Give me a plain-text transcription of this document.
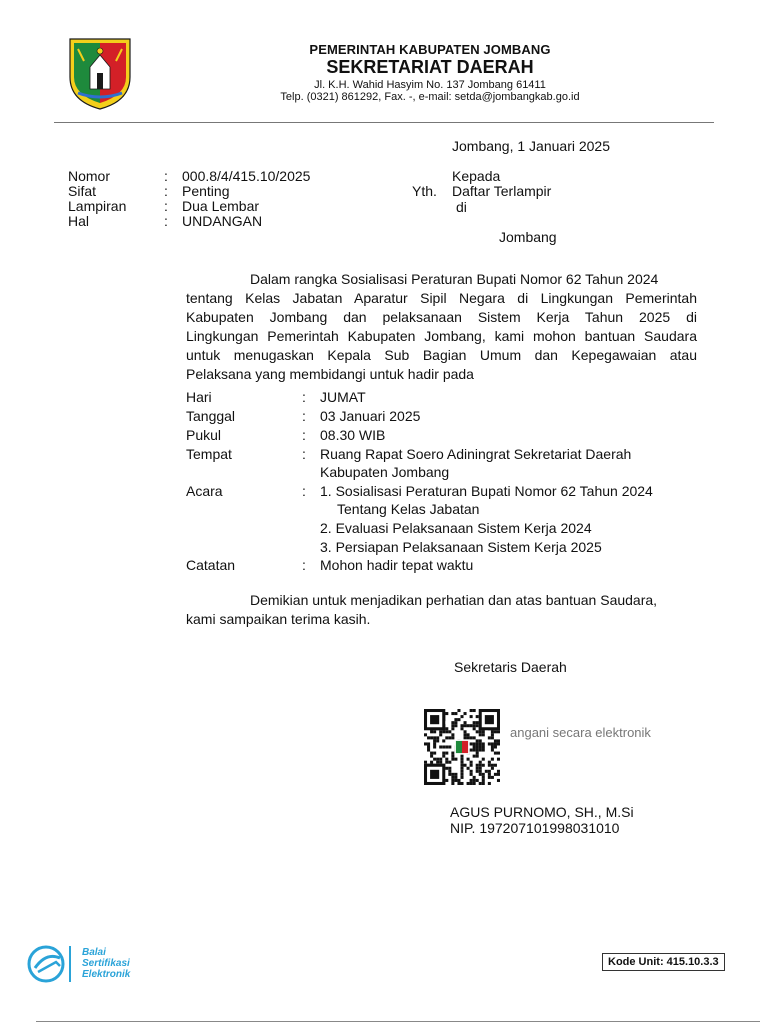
PEMERINTAH KABUPATEN JOMBANG
SEKRETARIAT DAERAH
Jl. K.H. Wahid Hasyim No. 137 Jombang 61411
Telp. (0321) 861292, Fax. -, e-mail: setda@jombangkab.go.id
Jombang, 1 Januari 2025
Nomor	: 000.8/4/415.10/2025
Sifat	: Penting
Lampiran	: Dua Lembar
Hal	: UNDANGAN
Kepada
Yth. Daftar Terlampir
di
Jombang
Dalam rangka Sosialisasi Peraturan Bupati Nomor 62 Tahun 2024
tentang Kelas Jabatan Aparatur Sipil Negara di Lingkungan Pemerintah
Kabupaten Jombang dan pelaksanaan Sistem Kerja Tahun 2025 di
Lingkungan Pemerintah Kabupaten Jombang, kami mohon bantuan Saudara
untuk menugaskan Kepala Sub Bagian Umum dan Kepegawaian atau
Pelaksana yang membidangi untuk hadir pada
Hari	: JUMAT
Tanggal	: 03 Januari 2025
Pukul	: 08.30 WIB
Tempat	: Ruang Rapat Soero Adiningrat Sekretariat Daerah
Kabupaten Jombang
Acara	: 1. Sosialisasi Peraturan Bupati Nomor 62 Tahun 2024
Tentang Kelas Jabatan
2. Evaluasi Pelaksanaan Sistem Kerja 2024
3. Persiapan Pelaksanaan Sistem Kerja 2025
Catatan	: Mohon hadir tepat waktu
Demikian untuk menjadikan perhatian dan atas bantuan Saudara,
kami sampaikan terima kasih.
Sekretaris Daerah
angani secara elektronik
AGUS PURNOMO, SH., M.Si
NIP. 197207101998031010
Balai
Sertifikasi
Elektronik
Kode Unit: 415.10.3.3
